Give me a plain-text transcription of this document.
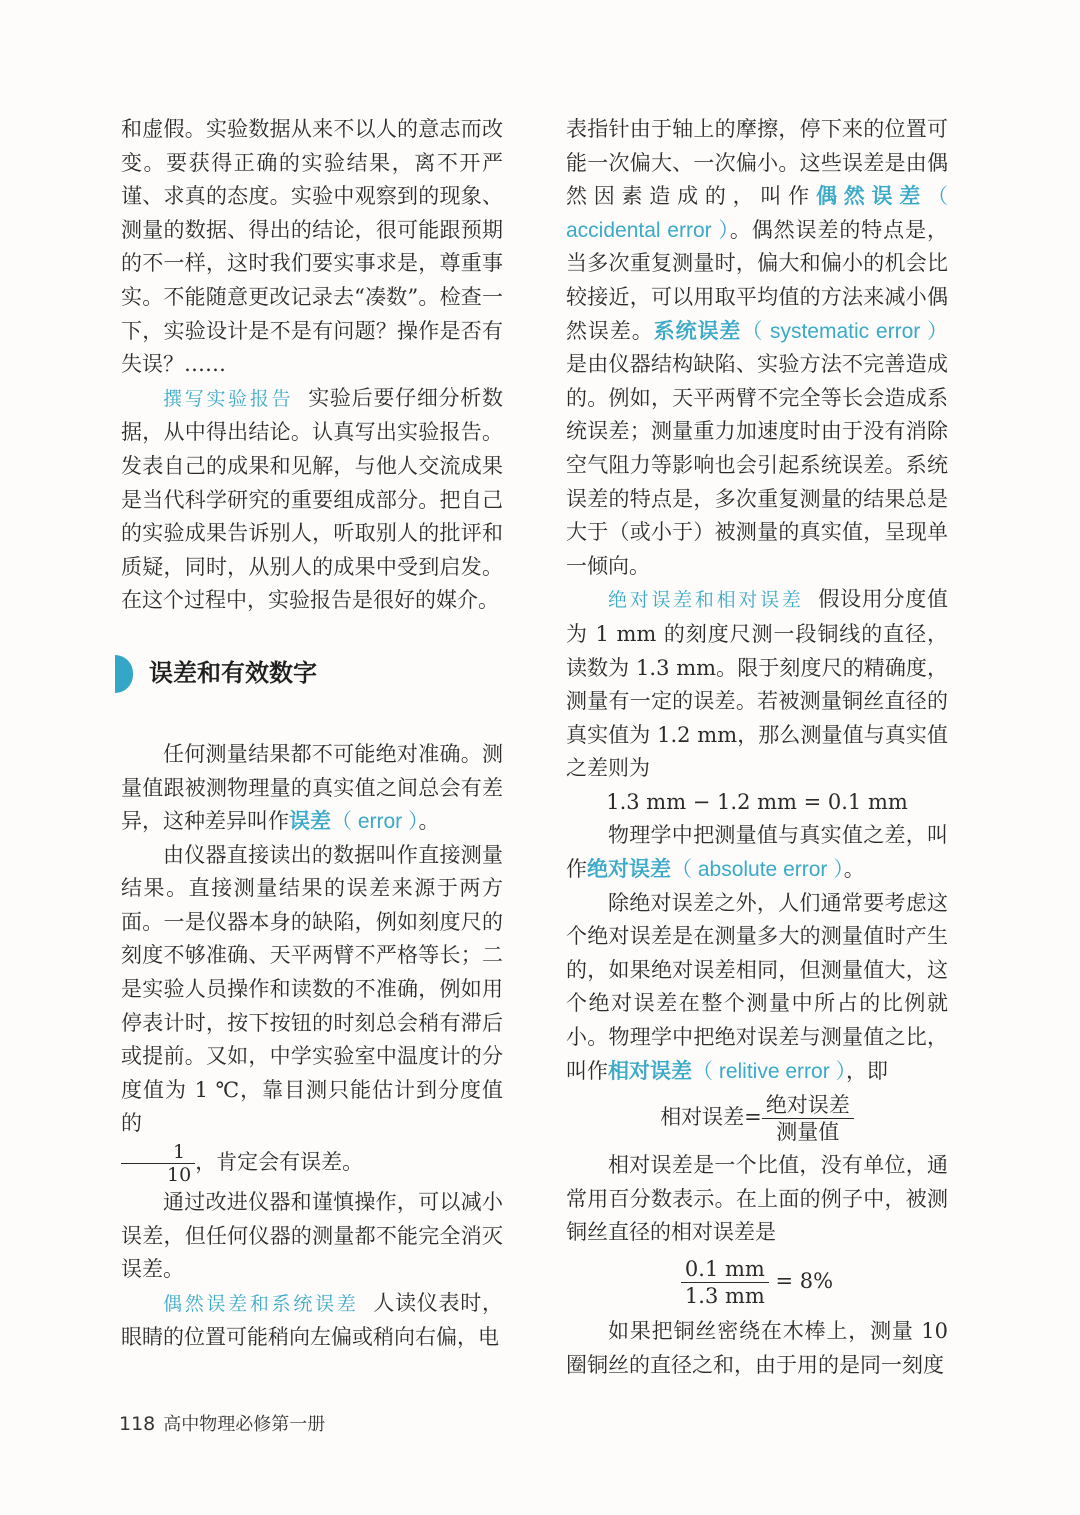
和虚假。实验数据从来不以人的意志而改变。要获得正确的实验结果，离不开严谨、求真的态度。实验中观察到的现象、测量的数据、得出的结论，很可能跟预期的不一样，这时我们要实事求是，尊重事实。不能随意更改记录去“凑数”。检查一下，实验设计是不是有问题？操作是否有失误？……

撰写实验报告 实验后要仔细分析数据，从中得出结论。认真写出实验报告。发表自己的成果和见解，与他人交流成果是当代科学研究的重要组成部分。把自己的实验成果告诉别人，听取别人的批评和质疑，同时，从别人的成果中受到启发。在这个过程中，实验报告是很好的媒介。

误差和有效数字

任何测量结果都不可能绝对准确。测量值跟被测物理量的真实值之间总会有差异，这种差异叫作误差（ error ）。

由仪器直接读出的数据叫作直接测量结果。直接测量结果的误差来源于两方面。一是仪器本身的缺陷，例如刻度尺的刻度不够准确、天平两臂不严格等长；二是实验人员操作和读数的不准确，例如用停表计时，按下按钮的时刻总会稍有滞后或提前。又如，中学实验室中温度计的分度值为 1 ℃，靠目测只能估计到分度值的

$\frac{1}{10}$ ，肯定会有误差。

通过改进仪器和谨慎操作，可以减小误差，但任何仪器的测量都不能完全消灭误差。

偶然误差和系统误差 人读仪表时，眼睛的位置可能稍向左偏或稍向右偏，电

表指针由于轴上的摩擦，停下来的位置可能一次偏大、一次偏小。这些误差是由偶然因素造成的，叫作偶然误差（ accidental error ）。偶然误差的特点是，当多次重复测量时，偏大和偏小的机会比较接近，可以用取平均值的方法来减小偶然误差。系统误差（ systematic error ）是由仪器结构缺陷、实验方法不完善造成的。例如，天平两臂不完全等长会造成系统误差；测量重力加速度时由于没有消除空气阻力等影响也会引起系统误差。系统误差的特点是，多次重复测量的结果总是大于（或小于）被测量的真实值，呈现单一倾向。

绝对误差和相对误差 假设用分度值为 1 mm 的刻度尺测一段铜线的直径，读数为 1.3 mm。限于刻度尺的精确度，测量有一定的误差。若被测量铜丝直径的真实值为 1.2 mm，那么测量值与真实值之差则为

1.3 mm − 1.2 mm = 0.1 mm

物理学中把测量值与真实值之差，叫作绝对误差（ absolute error ）。

除绝对误差之外，人们通常要考虑这个绝对误差是在测量多大的测量值时产生的，如果绝对误差相同，但测量值大，这个绝对误差在整个测量中所占的比例就小。物理学中把绝对误差与测量值之比，叫作相对误差（ relitive error ），即

相对误差= $\frac{\text{绝对误差}}{\text{测量值}}$

相对误差是一个比值，没有单位，通常用百分数表示。在上面的例子中，被测铜丝直径的相对误差是

$\frac{0.1 mm}{1.3 mm} = 8\%$

如果把铜丝密绕在木棒上，测量 10 圈铜丝的直径之和，由于用的是同一刻度

118 高中物理必修第一册
